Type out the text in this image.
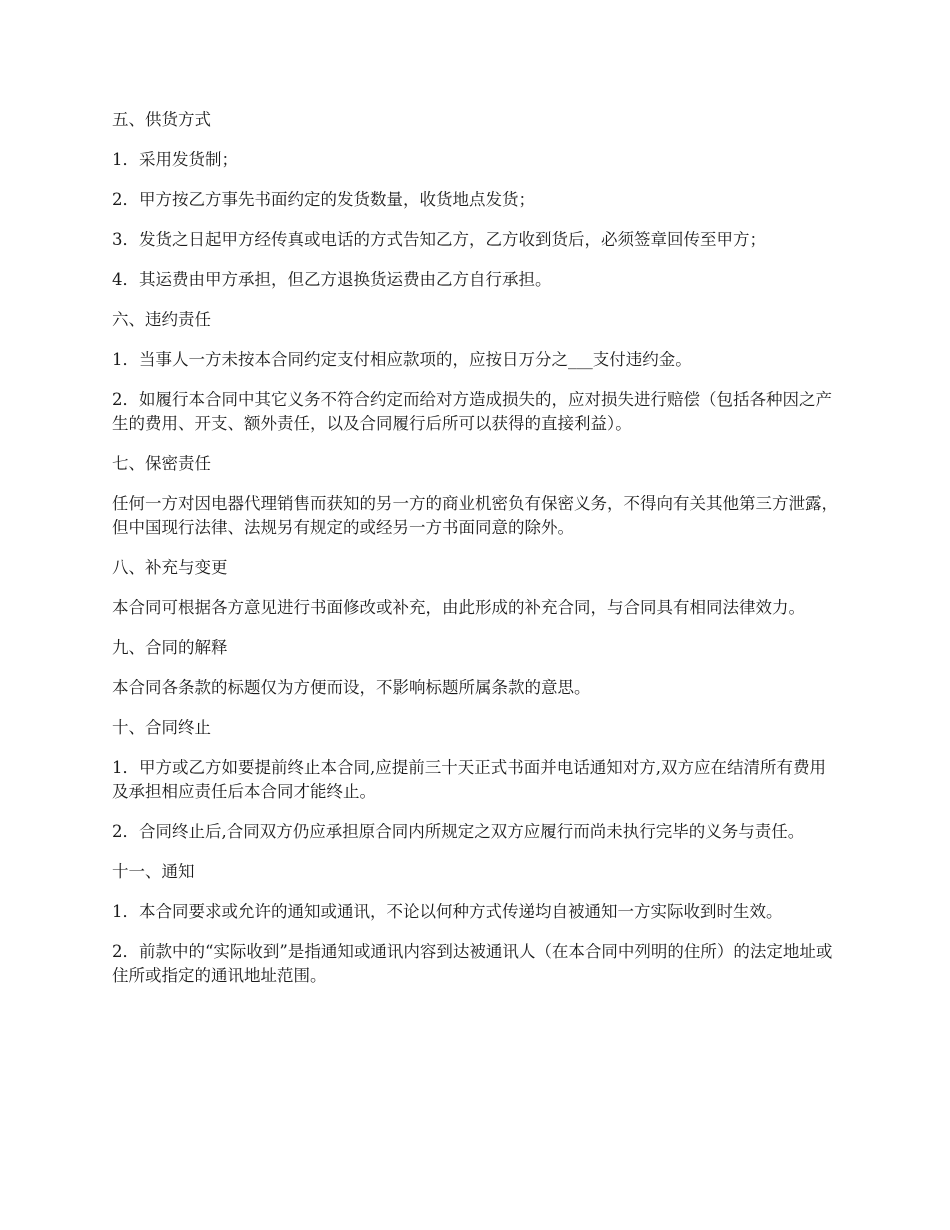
五、供货方式

1．采用发货制；

2．甲方按乙方事先书面约定的发货数量，收货地点发货；

3．发货之日起甲方经传真或电话的方式告知乙方，乙方收到货后，必须签章回传至甲方；

4．其运费由甲方承担，但乙方退换货运费由乙方自行承担。

六、违约责任

1．当事人一方未按本合同约定支付相应款项的，应按日万分之___支付违约金。

2．如履行本合同中其它义务不符合约定而给对方造成损失的，应对损失进行赔偿（包括各种因之产生的费用、开支、额外责任，以及合同履行后所可以获得的直接利益）。

七、保密责任

任何一方对因电器代理销售而获知的另一方的商业机密负有保密义务，不得向有关其他第三方泄露，但中国现行法律、法规另有规定的或经另一方书面同意的除外。

八、补充与变更

本合同可根据各方意见进行书面修改或补充，由此形成的补充合同，与合同具有相同法律效力。

九、合同的解释

本合同各条款的标题仅为方便而设，不影响标题所属条款的意思。

十、合同终止

1．甲方或乙方如要提前终止本合同,应提前三十天正式书面并电话通知对方,双方应在结清所有费用及承担相应责任后本合同才能终止。

2．合同终止后,合同双方仍应承担原合同内所规定之双方应履行而尚未执行完毕的义务与责任。

十一、通知

1．本合同要求或允许的通知或通讯，不论以何种方式传递均自被通知一方实际收到时生效。

2．前款中的“实际收到”是指通知或通讯内容到达被通讯人（在本合同中列明的住所）的法定地址或住所或指定的通讯地址范围。
